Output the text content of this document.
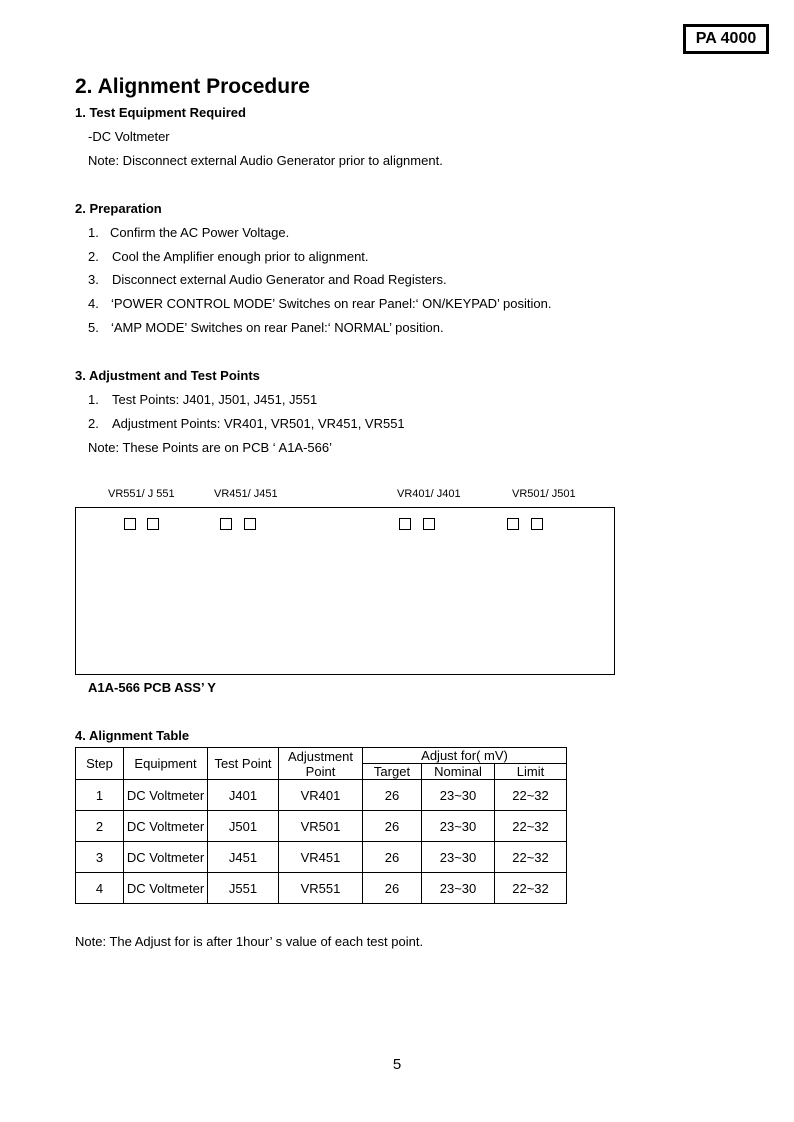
PA 4000
2. Alignment Procedure

1. Test Equipment Required

-DC Voltmeter

Note: Disconnect external Audio Generator prior to alignment.

2. Preparation

1. Confirm the AC Power Voltage.
2. Cool the Amplifier enough prior to alignment.
3. Disconnect external Audio Generator and Road Registers.
4. ‘POWER CONTROL MODE’ Switches on rear Panel:‘ ON/KEYPAD’ position.
5. ‘AMP MODE’ Switches on rear Panel:‘ NORMAL’ position.

3. Adjustment and Test Points

1. Test Points: J401, J501, J451, J551
2. Adjustment Points: VR401, VR501, VR451, VR551

Note: These Points are on PCB ‘ A1A-566’

VR551/ J 551	VR451/ J451	VR401/ J401	VR501/ J501
A1A-566 PCB ASS’ Y

4. Alignment Table

Step	Equipment	Test Point	Adjustment Point	Adjust for( mV)		
				Target	Nominal	Limit
1	DC Voltmeter	J401	VR401	26	23~30	22~32
2	DC Voltmeter	J501	VR501	26	23~30	22~32
3	DC Voltmeter	J451	VR451	26	23~30	22~32
4	DC Voltmeter	J551	VR551	26	23~30	22~32

Note: The Adjust for is after 1hour’ s value of each test point.

5
